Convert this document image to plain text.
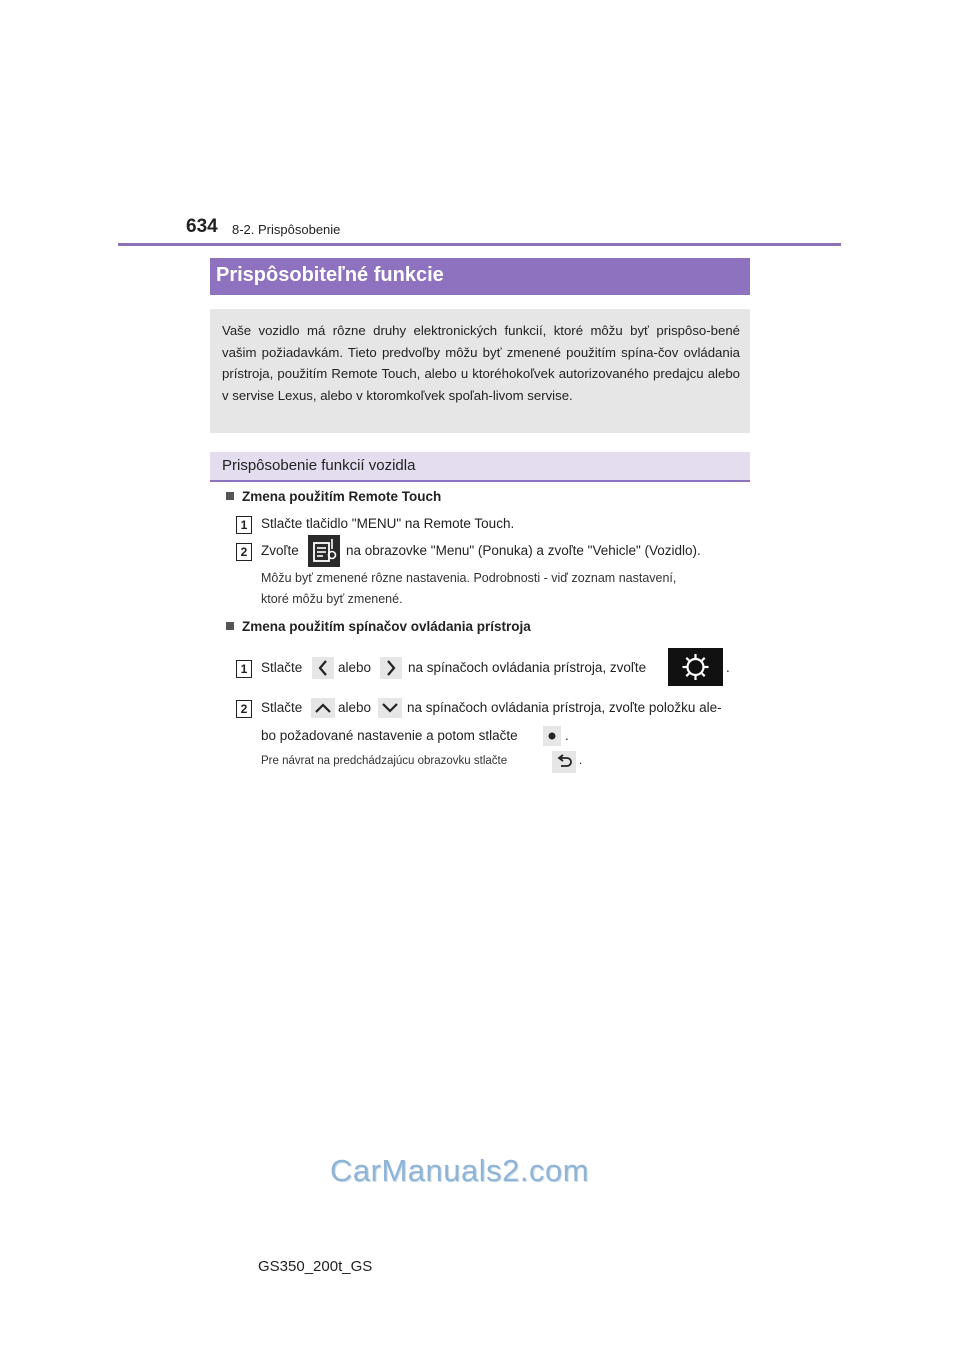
634 8-2. Prispôsobenie
Prispôsobiteľné funkcie

Vaše vozidlo má rôzne druhy elektronických funkcií, ktoré môžu byť prispôso-bené vašim požiadavkám. Tieto predvoľby môžu byť zmenené použitím spína-čov ovládania prístroja, použitím Remote Touch, alebo u ktoréhokoľvek autorizovaného predajcu alebo v servise Lexus, alebo v ktoromkoľvek spoľah-livom servise.

Prispôsobenie funkcií vozidla
Zmena použitím Remote Touch
1	Stlačte tlačidlo "MENU" na Remote Touch.
2	Zvoľte	na obrazovke "Menu" (Ponuka) a zvoľte "Vehicle" (Vozidlo).
Môžu byť zmenené rôzne nastavenia. Podrobnosti - viď zoznam nastavení,
ktoré môžu byť zmenené.
Zmena použitím spínačov ovládania prístroja
1	Stlačte	alebo	na spínačoch ovládania prístroja, zvoľte	.
2	Stlačte	alebo	na spínačoch ovládania prístroja, zvoľte položku ale-
bo požadované nastavenie a potom stlačte	.
Pre návrat na predchádzajúcu obrazovku stlačte	.
CarManuals2.com
GS350_200t_GS
